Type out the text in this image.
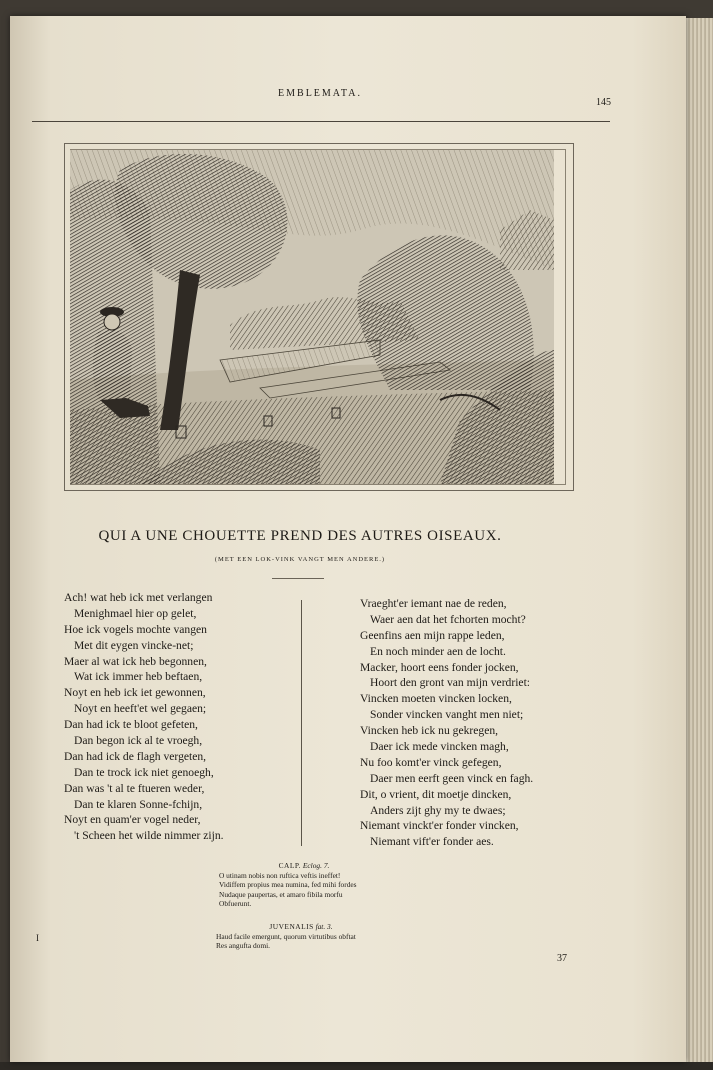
EMBLEMATA.
145
QUI A UNE CHOUETTE PREND DES AUTRES OISEAUX.
(MET EEN LOK-VINK VANGT MEN ANDERE.)
Ach! wat heb ick met verlangen
Menighmael hier op gelet,
Hoe ick vogels mochte vangen
Met dit eygen vincke-net;
Maer al wat ick heb begonnen,
Wat ick immer heb beftaen,
Noyt en heb ick iet gewonnen,
Noyt en heeft'et wel gegaen;
Dan had ick te bloot gefeten,
Dan begon ick al te vroegh,
Dan had ick de flagh vergeten,
Dan te trock ick niet genoegh,
Dan was 't al te ftueren weder,
Dan te klaren Sonne-fchijn,
Noyt en quam'er vogel neder,
't Scheen het wilde nimmer zijn.
Vraeght'er iemant nae de reden,
Waer aen dat het fchorten mocht?
Geenfins aen mijn rappe leden,
En noch minder aen de locht.
Macker, hoort eens fonder jocken,
Hoort den gront van mijn verdriet:
Vincken moeten vincken locken,
Sonder vincken vanght men niet;
Vincken heb ick nu gekregen,
Daer ick mede vincken magh,
Nu foo komt'er vinck gefegen,
Daer men eerft geen vinck en fagh.
Dit, o vrient, dit moetje dincken,
Anders zijt ghy my te dwaes;
Niemant vinckt'er fonder vincken,
Niemant vift'er fonder aes.
CALP. Eclog. 7.
O utinam nobis non ruftica veftis ineffet!
Vidiffem propius mea numina, fed mihi fordes
Nudaque paupertas, et amaro fibila morfu
Obfuerunt.
JUVENALIS fat. 3.
Haud facile emergunt, quorum virtutibus obftat
Res angufta domi.
I
37
